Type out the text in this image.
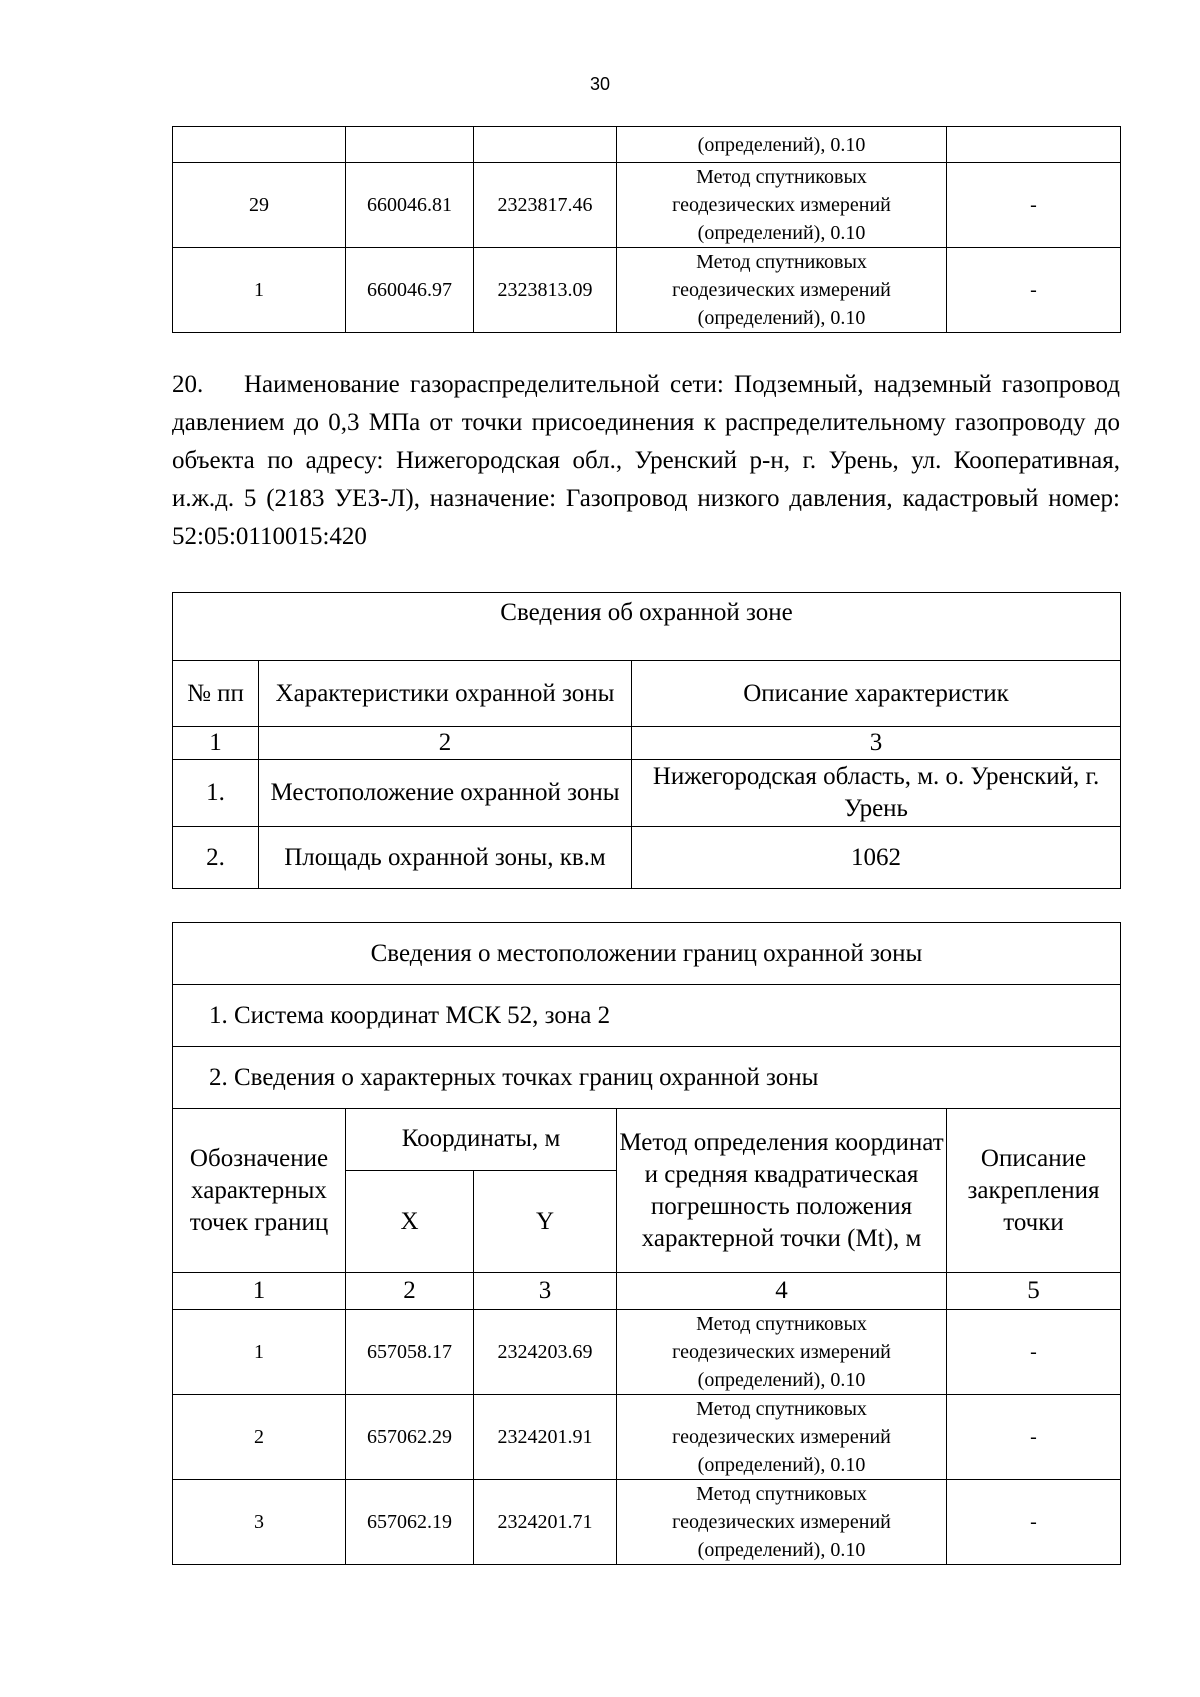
30
			(определений), 0.10	
29	660046.81	2323817.46	Метод спутниковых
геодезических измерений
(определений), 0.10	-
1	660046.97	2323813.09	Метод спутниковых
геодезических измерений
(определений), 0.10	-

20. Наименование газораспределительной сети: Подземный, надземный газопровод давлением до 0,3 МПа от точки присоединения к распределительному газопроводу до объекта по адресу: Нижегородская обл., Уренский р-н, г. Урень, ул. Кооперативная, и.ж.д. 5 (2183 УЕЗ-Л), назначение: Газопровод низкого давления, кадастровый номер: 52:05:0110015:420

Сведения об охранной зоне		
№ пп	Характеристики охранной зоны	Описание характеристик
1	2	3
1.	Местоположение охранной зоны	Нижегородская область, м. о. Уренский, г. Урень
2.	Площадь охранной зоны, кв.м	1062
Сведения о местоположении границ охранной зоны				
1. Система координат МСК 52, зона 2				
2. Сведения о характерных точках границ охранной зоны				
Обозначение характерных точек границ	Координаты, м		Метод определения координат и средняя квадратическая погрешность положения характерной точки (Mt), м	Описание закрепления точки
	X	Y		
1	2	3	4	5
1	657058.17	2324203.69	Метод спутниковых
геодезических измерений
(определений), 0.10	-
2	657062.29	2324201.91	Метод спутниковых
геодезических измерений
(определений), 0.10	-
3	657062.19	2324201.71	Метод спутниковых
геодезических измерений
(определений), 0.10	-
